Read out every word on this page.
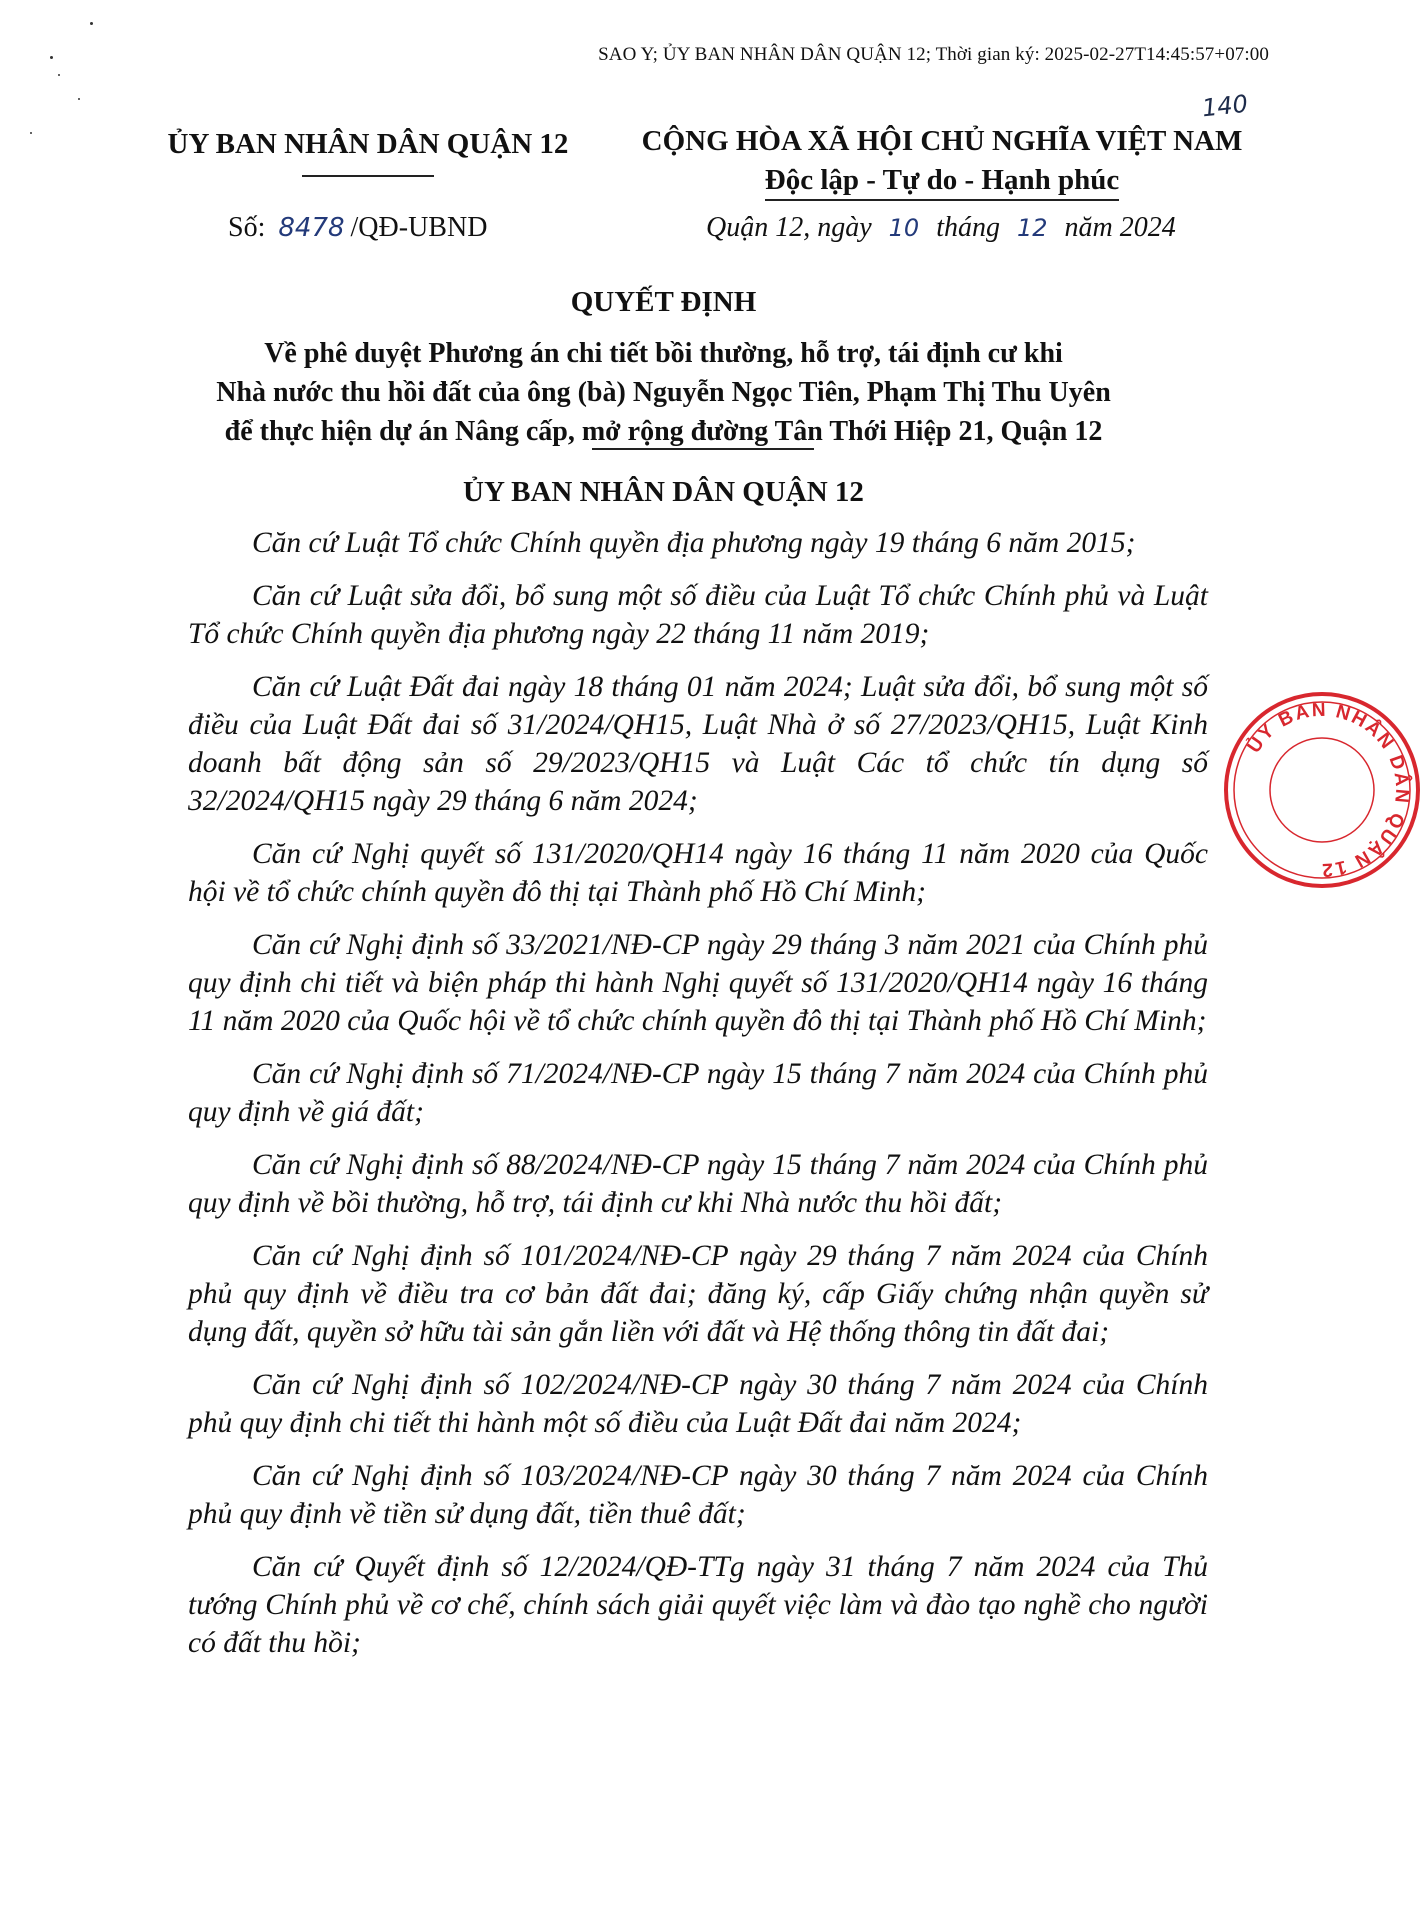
SAO Y; ỦY BAN NHÂN DÂN QUẬN 12; Thời gian ký: 2025-02-27T14:45:57+07:00
140
ỦY BAN NHÂN DÂN QUẬN 12
Số: 8478 /QĐ-UBND
CỘNG HÒA XÃ HỘI CHỦ NGHĨA VIỆT NAM
Độc lập - Tự do - Hạnh phúc
Quận 12, ngày 10 tháng 12 năm 2024
QUYẾT ĐỊNH
Về phê duyệt Phương án chi tiết bồi thường, hỗ trợ, tái định cư khi
Nhà nước thu hồi đất của ông (bà) Nguyễn Ngọc Tiên, Phạm Thị Thu Uyên
để thực hiện dự án Nâng cấp, mở rộng đường Tân Thới Hiệp 21, Quận 12
ỦY BAN NHÂN DÂN QUẬN 12

Căn cứ Luật Tổ chức Chính quyền địa phương ngày 19 tháng 6 năm 2015;

Căn cứ Luật sửa đổi, bổ sung một số điều của Luật Tổ chức Chính phủ và Luật Tổ chức Chính quyền địa phương ngày 22 tháng 11 năm 2019;

Căn cứ Luật Đất đai ngày 18 tháng 01 năm 2024; Luật sửa đổi, bổ sung một số điều của Luật Đất đai số 31/2024/QH15, Luật Nhà ở số 27/2023/QH15, Luật Kinh doanh bất động sản số 29/2023/QH15 và Luật Các tổ chức tín dụng số 32/2024/QH15 ngày 29 tháng 6 năm 2024;

Căn cứ Nghị quyết số 131/2020/QH14 ngày 16 tháng 11 năm 2020 của Quốc hội về tổ chức chính quyền đô thị tại Thành phố Hồ Chí Minh;

Căn cứ Nghị định số 33/2021/NĐ-CP ngày 29 tháng 3 năm 2021 của Chính phủ quy định chi tiết và biện pháp thi hành Nghị quyết số 131/2020/QH14 ngày 16 tháng 11 năm 2020 của Quốc hội về tổ chức chính quyền đô thị tại Thành phố Hồ Chí Minh;

Căn cứ Nghị định số 71/2024/NĐ-CP ngày 15 tháng 7 năm 2024 của Chính phủ quy định về giá đất;

Căn cứ Nghị định số 88/2024/NĐ-CP ngày 15 tháng 7 năm 2024 của Chính phủ quy định về bồi thường, hỗ trợ, tái định cư khi Nhà nước thu hồi đất;

Căn cứ Nghị định số 101/2024/NĐ-CP ngày 29 tháng 7 năm 2024 của Chính phủ quy định về điều tra cơ bản đất đai; đăng ký, cấp Giấy chứng nhận quyền sử dụng đất, quyền sở hữu tài sản gắn liền với đất và Hệ thống thông tin đất đai;

Căn cứ Nghị định số 102/2024/NĐ-CP ngày 30 tháng 7 năm 2024 của Chính phủ quy định chi tiết thi hành một số điều của Luật Đất đai năm 2024;

Căn cứ Nghị định số 103/2024/NĐ-CP ngày 30 tháng 7 năm 2024 của Chính phủ quy định về tiền sử dụng đất, tiền thuê đất;

Căn cứ Quyết định số 12/2024/QĐ-TTg ngày 31 tháng 7 năm 2024 của Thủ tướng Chính phủ về cơ chế, chính sách giải quyết việc làm và đào tạo nghề cho người có đất thu hồi;

ỦY BAN NHÂN DÂN QUẬN 12
